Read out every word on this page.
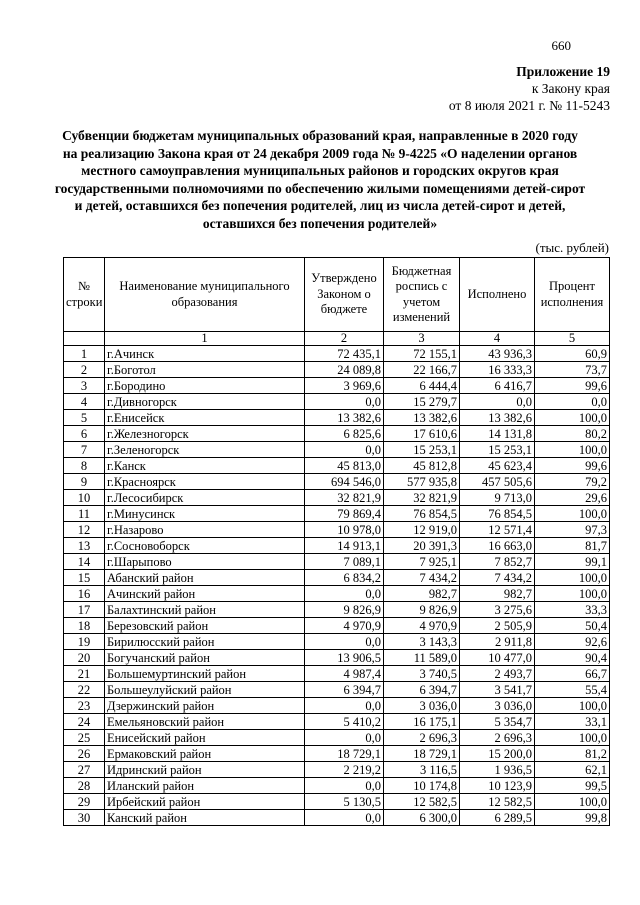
660
Приложение 19
к Закону края
от 8 июля 2021 г. № 11-5243
Субвенции бюджетам муниципальных образований края, направленные в 2020 году
на реализацию Закона края от 24 декабря 2009 года № 9-4225 «О наделении органов
местного самоуправления муниципальных районов и городских округов края
государственными полномочиями по обеспечению жилыми помещениями детей-сирот
и детей, оставшихся без попечения родителей, лиц из числа детей-сирот и детей,
оставшихся без попечения родителей»
(тыс. рублей)
№ строки	Наименование муниципального образования	Утверждено Законом о бюджете	Бюджетная роспись с учетом изменений	Исполнено	Процент исполнения
	1	2	3	4	5
1	г.Ачинск	72 435,1	72 155,1	43 936,3	60,9
2	г.Боготол	24 089,8	22 166,7	16 333,3	73,7
3	г.Бородино	3 969,6	6 444,4	6 416,7	99,6
4	г.Дивногорск	0,0	15 279,7	0,0	0,0
5	г.Енисейск	13 382,6	13 382,6	13 382,6	100,0
6	г.Железногорск	6 825,6	17 610,6	14 131,8	80,2
7	г.Зеленогорск	0,0	15 253,1	15 253,1	100,0
8	г.Канск	45 813,0	45 812,8	45 623,4	99,6
9	г.Красноярск	694 546,0	577 935,8	457 505,6	79,2
10	г.Лесосибирск	32 821,9	32 821,9	9 713,0	29,6
11	г.Минусинск	79 869,4	76 854,5	76 854,5	100,0
12	г.Назарово	10 978,0	12 919,0	12 571,4	97,3
13	г.Сосновоборск	14 913,1	20 391,3	16 663,0	81,7
14	г.Шарыпово	7 089,1	7 925,1	7 852,7	99,1
15	Абанский район	6 834,2	7 434,2	7 434,2	100,0
16	Ачинский район	0,0	982,7	982,7	100,0
17	Балахтинский район	9 826,9	9 826,9	3 275,6	33,3
18	Березовский район	4 970,9	4 970,9	2 505,9	50,4
19	Бирилюсский район	0,0	3 143,3	2 911,8	92,6
20	Богучанский район	13 906,5	11 589,0	10 477,0	90,4
21	Большемуртинский район	4 987,4	3 740,5	2 493,7	66,7
22	Большеулуйский район	6 394,7	6 394,7	3 541,7	55,4
23	Дзержинский район	0,0	3 036,0	3 036,0	100,0
24	Емельяновский район	5 410,2	16 175,1	5 354,7	33,1
25	Енисейский район	0,0	2 696,3	2 696,3	100,0
26	Ермаковский район	18 729,1	18 729,1	15 200,0	81,2
27	Идринский район	2 219,2	3 116,5	1 936,5	62,1
28	Иланский район	0,0	10 174,8	10 123,9	99,5
29	Ирбейский район	5 130,5	12 582,5	12 582,5	100,0
30	Канский район	0,0	6 300,0	6 289,5	99,8
